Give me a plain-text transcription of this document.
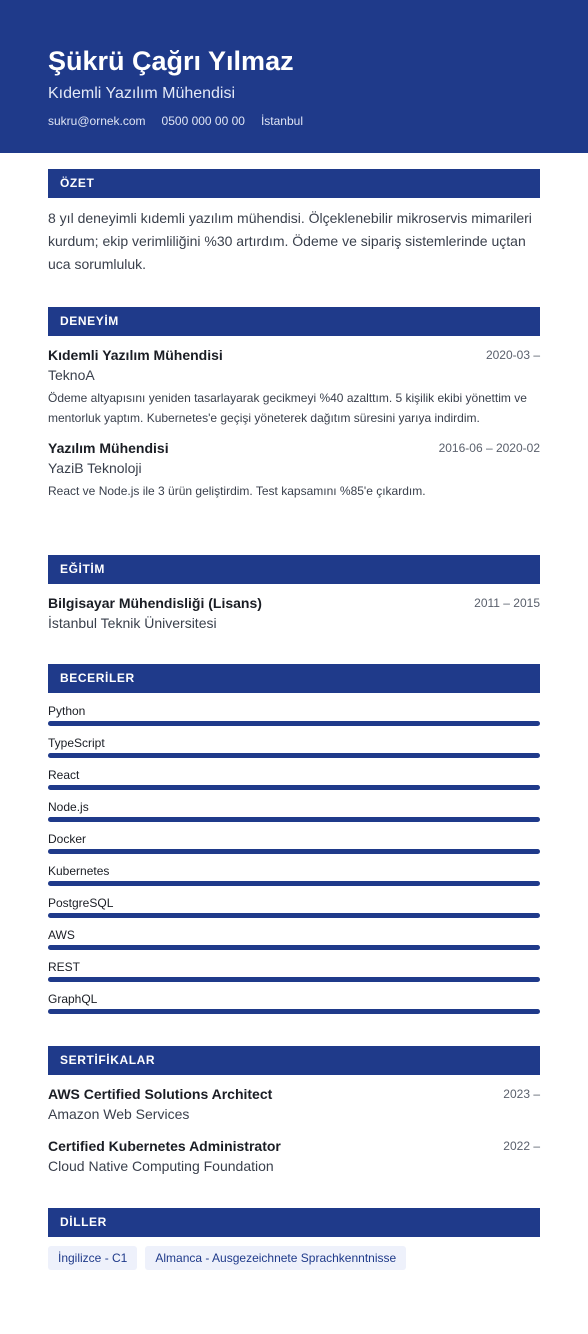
Şükrü Çağrı Yılmaz
Kıdemli Yazılım Mühendisi
sukru@ornek.com 0500 000 00 00 İstanbul
ÖZET
8 yıl deneyimli kıdemli yazılım mühendisi. Ölçeklenebilir mikroservis mimarileri kurdum; ekip verimliliğini %30 artırdım. Ödeme ve sipariş sistemlerinde uçtan uca sorumluluk.
DENEYİM
Kıdemli Yazılım Mühendisi	2020-03 –
TeknoA
Ödeme altyapısını yeniden tasarlayarak gecikmeyi %40 azalttım. 5 kişilik ekibi yönettim ve mentorluk yaptım. Kubernetes'e geçişi yöneterek dağıtım süresini yarıya indirdim.
Yazılım Mühendisi	2016-06 – 2020-02
YaziB Teknoloji
React ve Node.js ile 3 ürün geliştirdim. Test kapsamını %85'e çıkardım.
EĞİTİM
Bilgisayar Mühendisliği (Lisans)	2011 – 2015
İstanbul Teknik Üniversitesi
BECERİLER
Python
TypeScript
React
Node.js
Docker
Kubernetes
PostgreSQL
AWS
REST
GraphQL
SERTİFİKALAR
AWS Certified Solutions Architect	2023 –
Amazon Web Services
Certified Kubernetes Administrator	2022 –
Cloud Native Computing Foundation
DİLLER
İngilizce - C1	Almanca - Ausgezeichnete Sprachkenntnisse
